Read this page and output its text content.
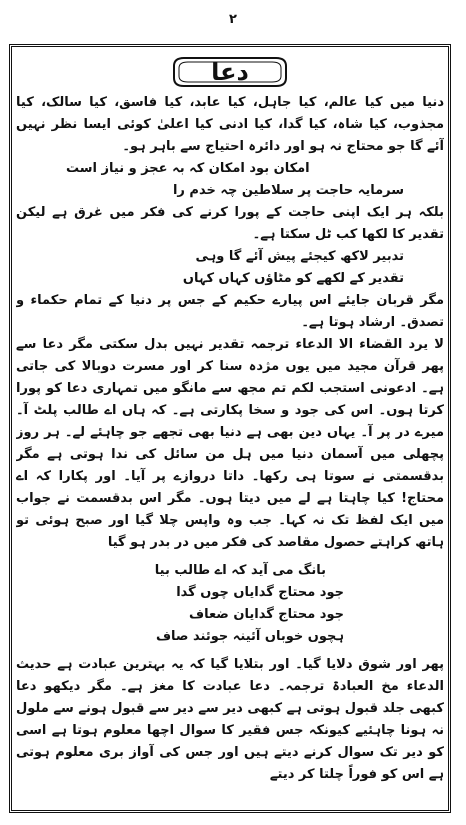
۲
دعا

دنیا میں کیا عالم، کیا جاہل، کیا عابد، کیا فاسق، کیا سالک، کیا مجذوب، کیا شاہ، کیا گدا، کیا ادنی کیا اعلیٰ کوئی ایسا نظر نہیں آئے گا جو محتاج نہ ہو اور دائرہ احتیاج سے باہر ہو۔

امکان بود امکان کہ بہ عجز و نیاز است

سرمایہ حاجت پر سلاطین چہ خدم را

بلکہ ہر ایک اپنی حاجت کے پورا کرنے کی فکر میں غرق ہے لیکن تقدیر کا لکھا کب ٹل سکتا ہے۔

تدبیر لاکھ کیجئے پیش آئے گا وہی

تقدیر کے لکھے کو مٹاؤں کہاں کہاں

مگر قربان جایئے اس پیارے حکیم کے جس پر دنیا کے تمام حکماء و تصدق۔ ارشاد ہوتا ہے۔

لا یرد القضاء الا الدعاء ترجمہ تقدیر نہیں بدل سکتی مگر دعا سے پھر قرآن مجید میں یوں مژدہ سنا کر اور مسرت دوبالا کی جاتی ہے۔ ادعونی استجب لکم تم مجھ سے مانگو میں تمہاری دعا کو پورا کرتا ہوں۔ اس کی جود و سخا پکارتی ہے۔ کہ ہاں اے طالب پلٹ آ۔ میرے در پر آ۔ یہاں دین بھی ہے دنیا بھی تجھے جو چاہئے لے۔ ہر روز پچھلی میں آسمان دنیا میں ہل من سائل کی ندا ہوتی ہے مگر بدقسمتی نے سوتا ہی رکھا۔ داتا دروازے پر آیا۔ اور پکارا کہ اے محتاج! کیا چاہتا ہے لے میں دیتا ہوں۔ مگر اس بدقسمت نے جواب میں ایک لفظ تک نہ کہا۔ جب وہ واپس چلا گیا اور صبح ہوئی تو ہاتھ کراہتے حصول مقاصد کی فکر میں در بدر ہو گیا

بانگ می آید کہ اے طالب بیا

جود محتاج گدایاں چوں گدا

جود محتاج گدایان ضعاف

ہچوں خوباں آئینہ جوئند صاف

پھر اور شوق دلایا گیا۔ اور بتلایا گیا کہ یہ بہترین عبادت ہے حدیث الدعاء مخ العبادۃ ترجمہ۔ دعا عبادت کا مغز ہے۔ مگر دیکھو دعا کبھی جلد قبول ہوتی ہے کبھی دیر سے دیر سے قبول ہونے سے ملول نہ ہونا چاہئیے کیونکہ جس فقیر کا سوال اچھا معلوم ہوتا ہے اسی کو دیر تک سوال کرنے دیتے ہیں اور جس کی آواز بری معلوم ہوتی ہے اس کو فوراً چلتا کر دیتے
